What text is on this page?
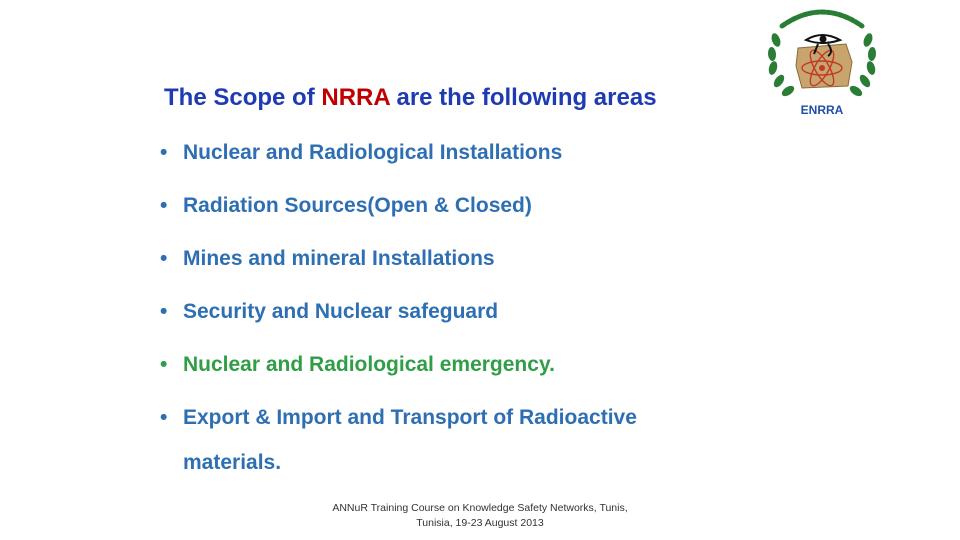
The Scope of NRRA are the following areas
• Nuclear and Radiological Installations
• Radiation Sources(Open & Closed)
• Mines and mineral Installations
• Security and Nuclear safeguard
• Nuclear and Radiological emergency.
• Export & Import and Transport of Radioactive
materials.
ENRRA
ANNuR Training Course on Knowledge Safety Networks, Tunis,
Tunisia, 19-23 August 2013
